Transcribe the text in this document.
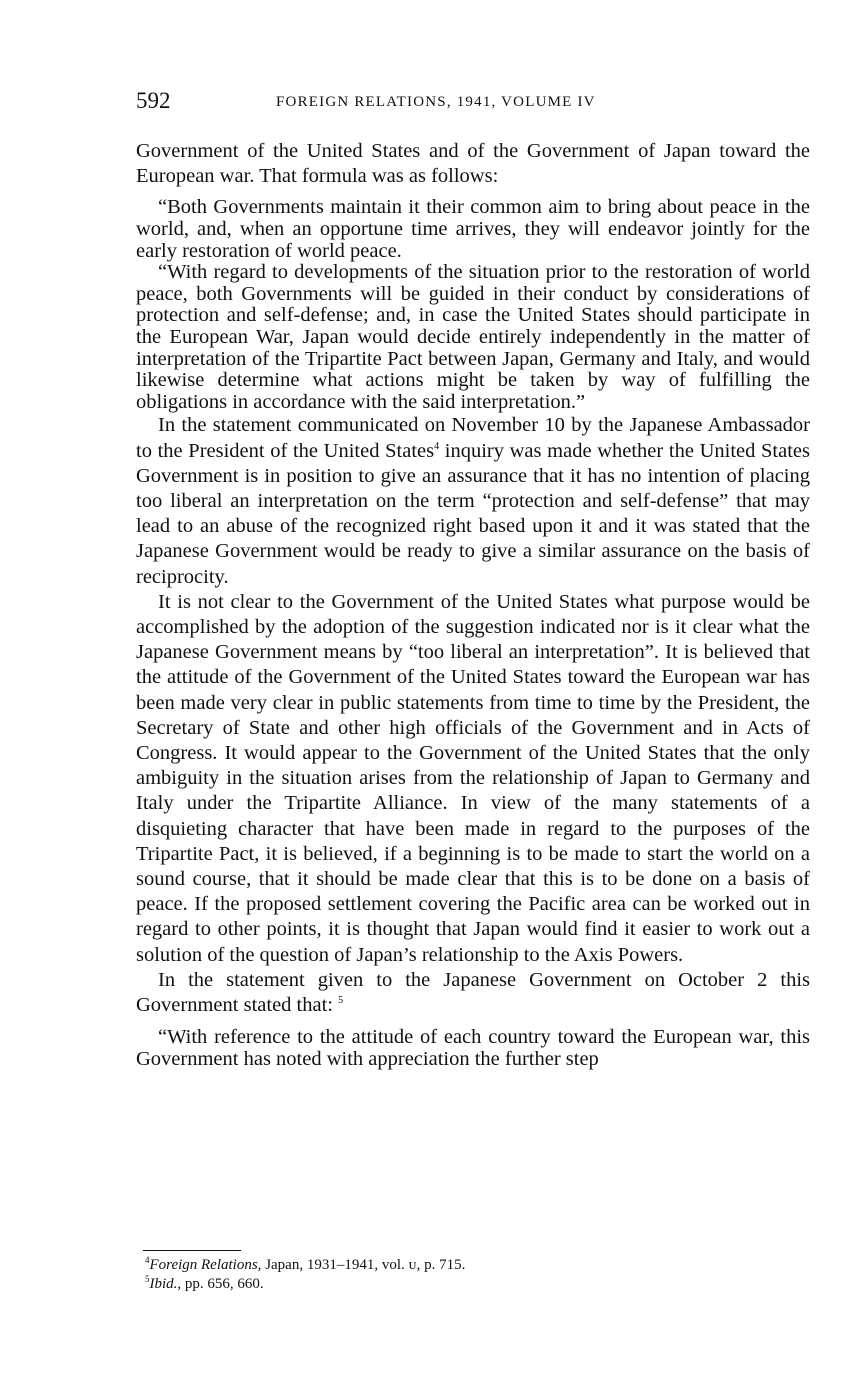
592	FOREIGN RELATIONS, 1941, VOLUME IV

Government of the United States and of the Government of Japan toward the European war. That formula was as follows:

“Both Governments maintain it their common aim to bring about peace in the world, and, when an opportune time arrives, they will endeavor jointly for the early restoration of world peace.

“With regard to developments of the situation prior to the restoration of world peace, both Governments will be guided in their conduct by considerations of protection and self-defense; and, in case the United States should participate in the European War, Japan would decide entirely independently in the matter of interpretation of the Tripartite Pact between Japan, Germany and Italy, and would likewise determine what actions might be taken by way of fulfilling the obligations in accordance with the said interpretation.”

In the statement communicated on November 10 by the Japanese Ambassador to the President of the United States$^4$ inquiry was made whether the United States Government is in position to give an assurance that it has no intention of placing too liberal an interpretation on the term “protection and self-defense” that may lead to an abuse of the recognized right based upon it and it was stated that the Japanese Government would be ready to give a similar assurance on the basis of reciprocity.

It is not clear to the Government of the United States what purpose would be accomplished by the adoption of the suggestion indicated nor is it clear what the Japanese Government means by “too liberal an interpretation”. It is believed that the attitude of the Government of the United States toward the European war has been made very clear in public statements from time to time by the President, the Secretary of State and other high officials of the Government and in Acts of Congress. It would appear to the Government of the United States that the only ambiguity in the situation arises from the relationship of Japan to Germany and Italy under the Tripartite Alliance. In view of the many statements of a disquieting character that have been made in regard to the purposes of the Tripartite Pact, it is believed, if a beginning is to be made to start the world on a sound course, that it should be made clear that this is to be done on a basis of peace. If the proposed settlement covering the Pacific area can be worked out in regard to other points, it is thought that Japan would find it easier to work out a solution of the question of Japan’s relationship to the Axis Powers.

In the statement given to the Japanese Government on October 2 this Government stated that: $^5$

“With reference to the attitude of each country toward the European war, this Government has noted with appreciation the further step

$^4$Foreign Relations, Japan, 1931–1941, vol. ᴜ, p. 715.
$^5$Ibid., pp. 656, 660.
